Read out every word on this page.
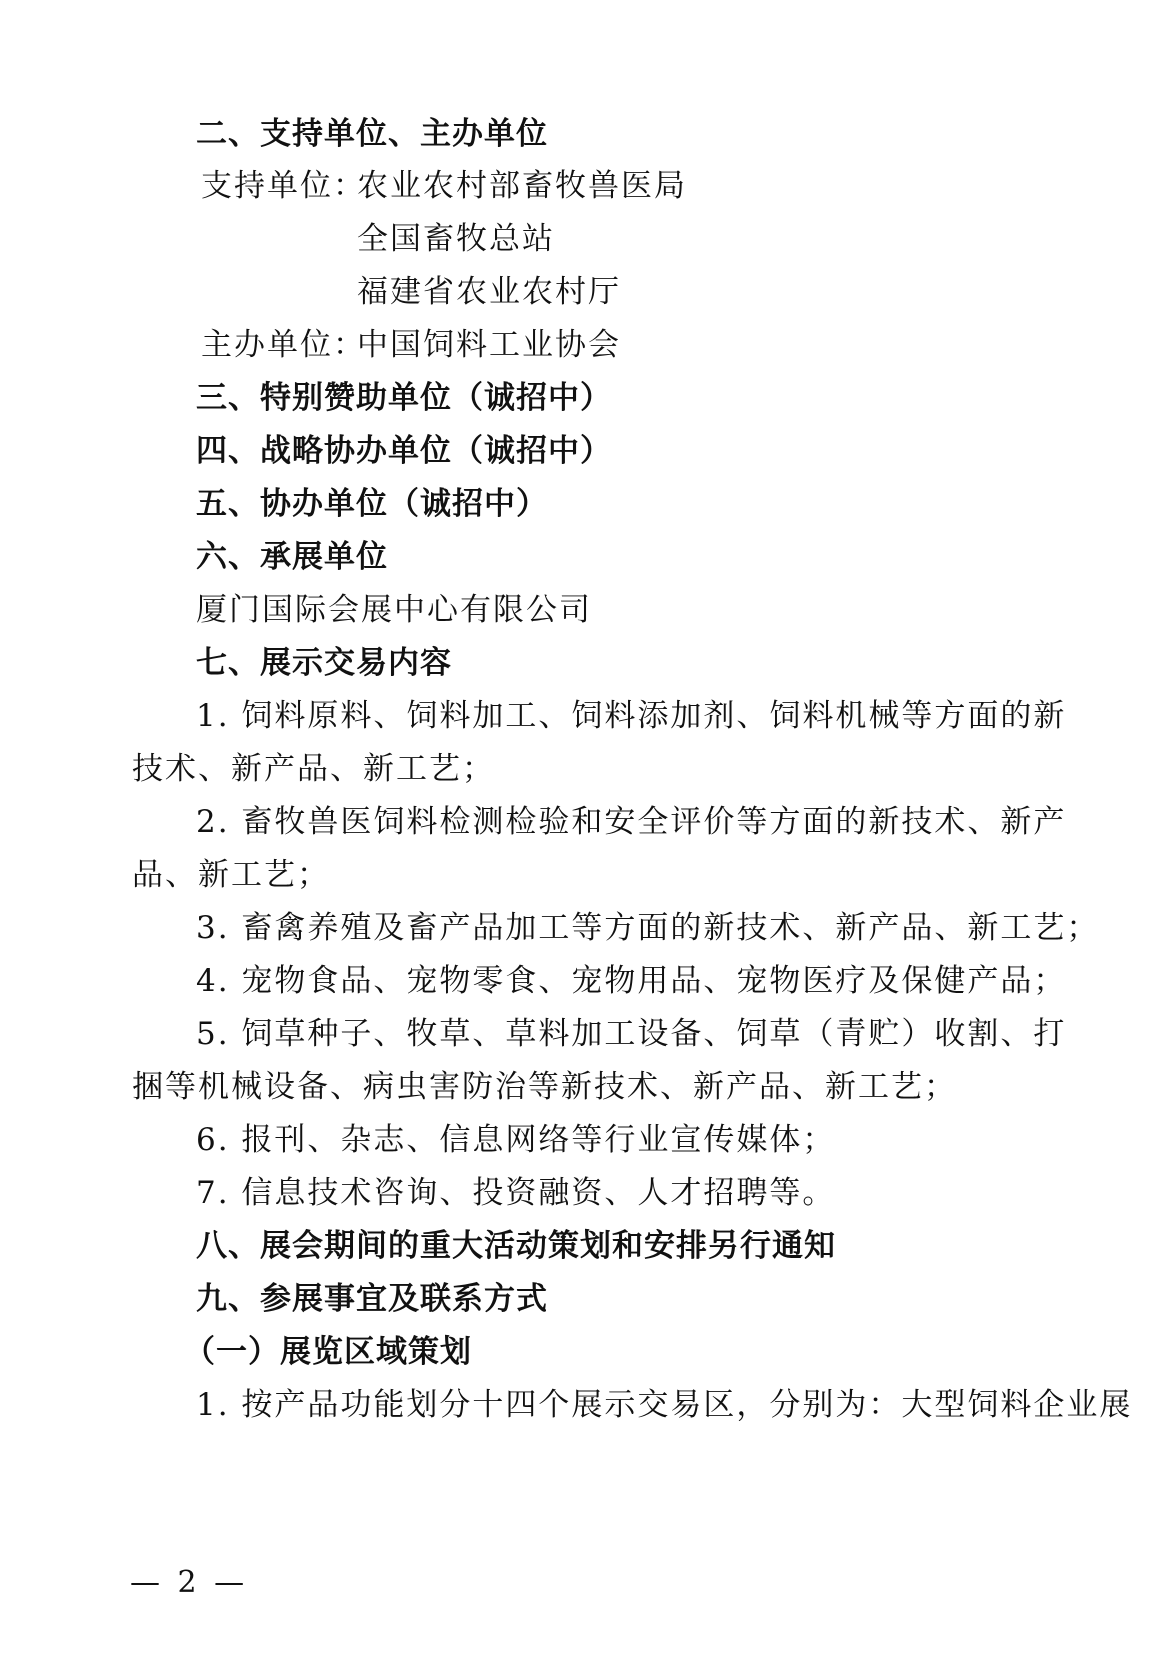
二、支持单位、主办单位
支持单位：
农业农村部畜牧兽医局
全国畜牧总站
福建省农业农村厅
主办单位：
中国饲料工业协会
三、特别赞助单位（诚招中）
四、战略协办单位（诚招中）
五、协办单位（诚招中）
六、承展单位
厦门国际会展中心有限公司
七、展示交易内容
1. 饲料原料、饲料加工、饲料添加剂、饲料机械等方面的新
技术、新产品、新工艺；
2. 畜牧兽医饲料检测检验和安全评价等方面的新技术、新产
品、新工艺；
3. 畜禽养殖及畜产品加工等方面的新技术、新产品、新工艺；
4. 宠物食品、宠物零食、宠物用品、宠物医疗及保健产品；
5. 饲草种子、牧草、草料加工设备、饲草（青贮）收割、打
捆等机械设备、病虫害防治等新技术、新产品、新工艺；
6. 报刊、杂志、信息网络等行业宣传媒体；
7. 信息技术咨询、投资融资、人才招聘等。
八、展会期间的重大活动策划和安排另行通知
九、参展事宜及联系方式
（一）展览区域策划
1. 按产品功能划分十四个展示交易区，分别为：大型饲料企业展
— 2 —
